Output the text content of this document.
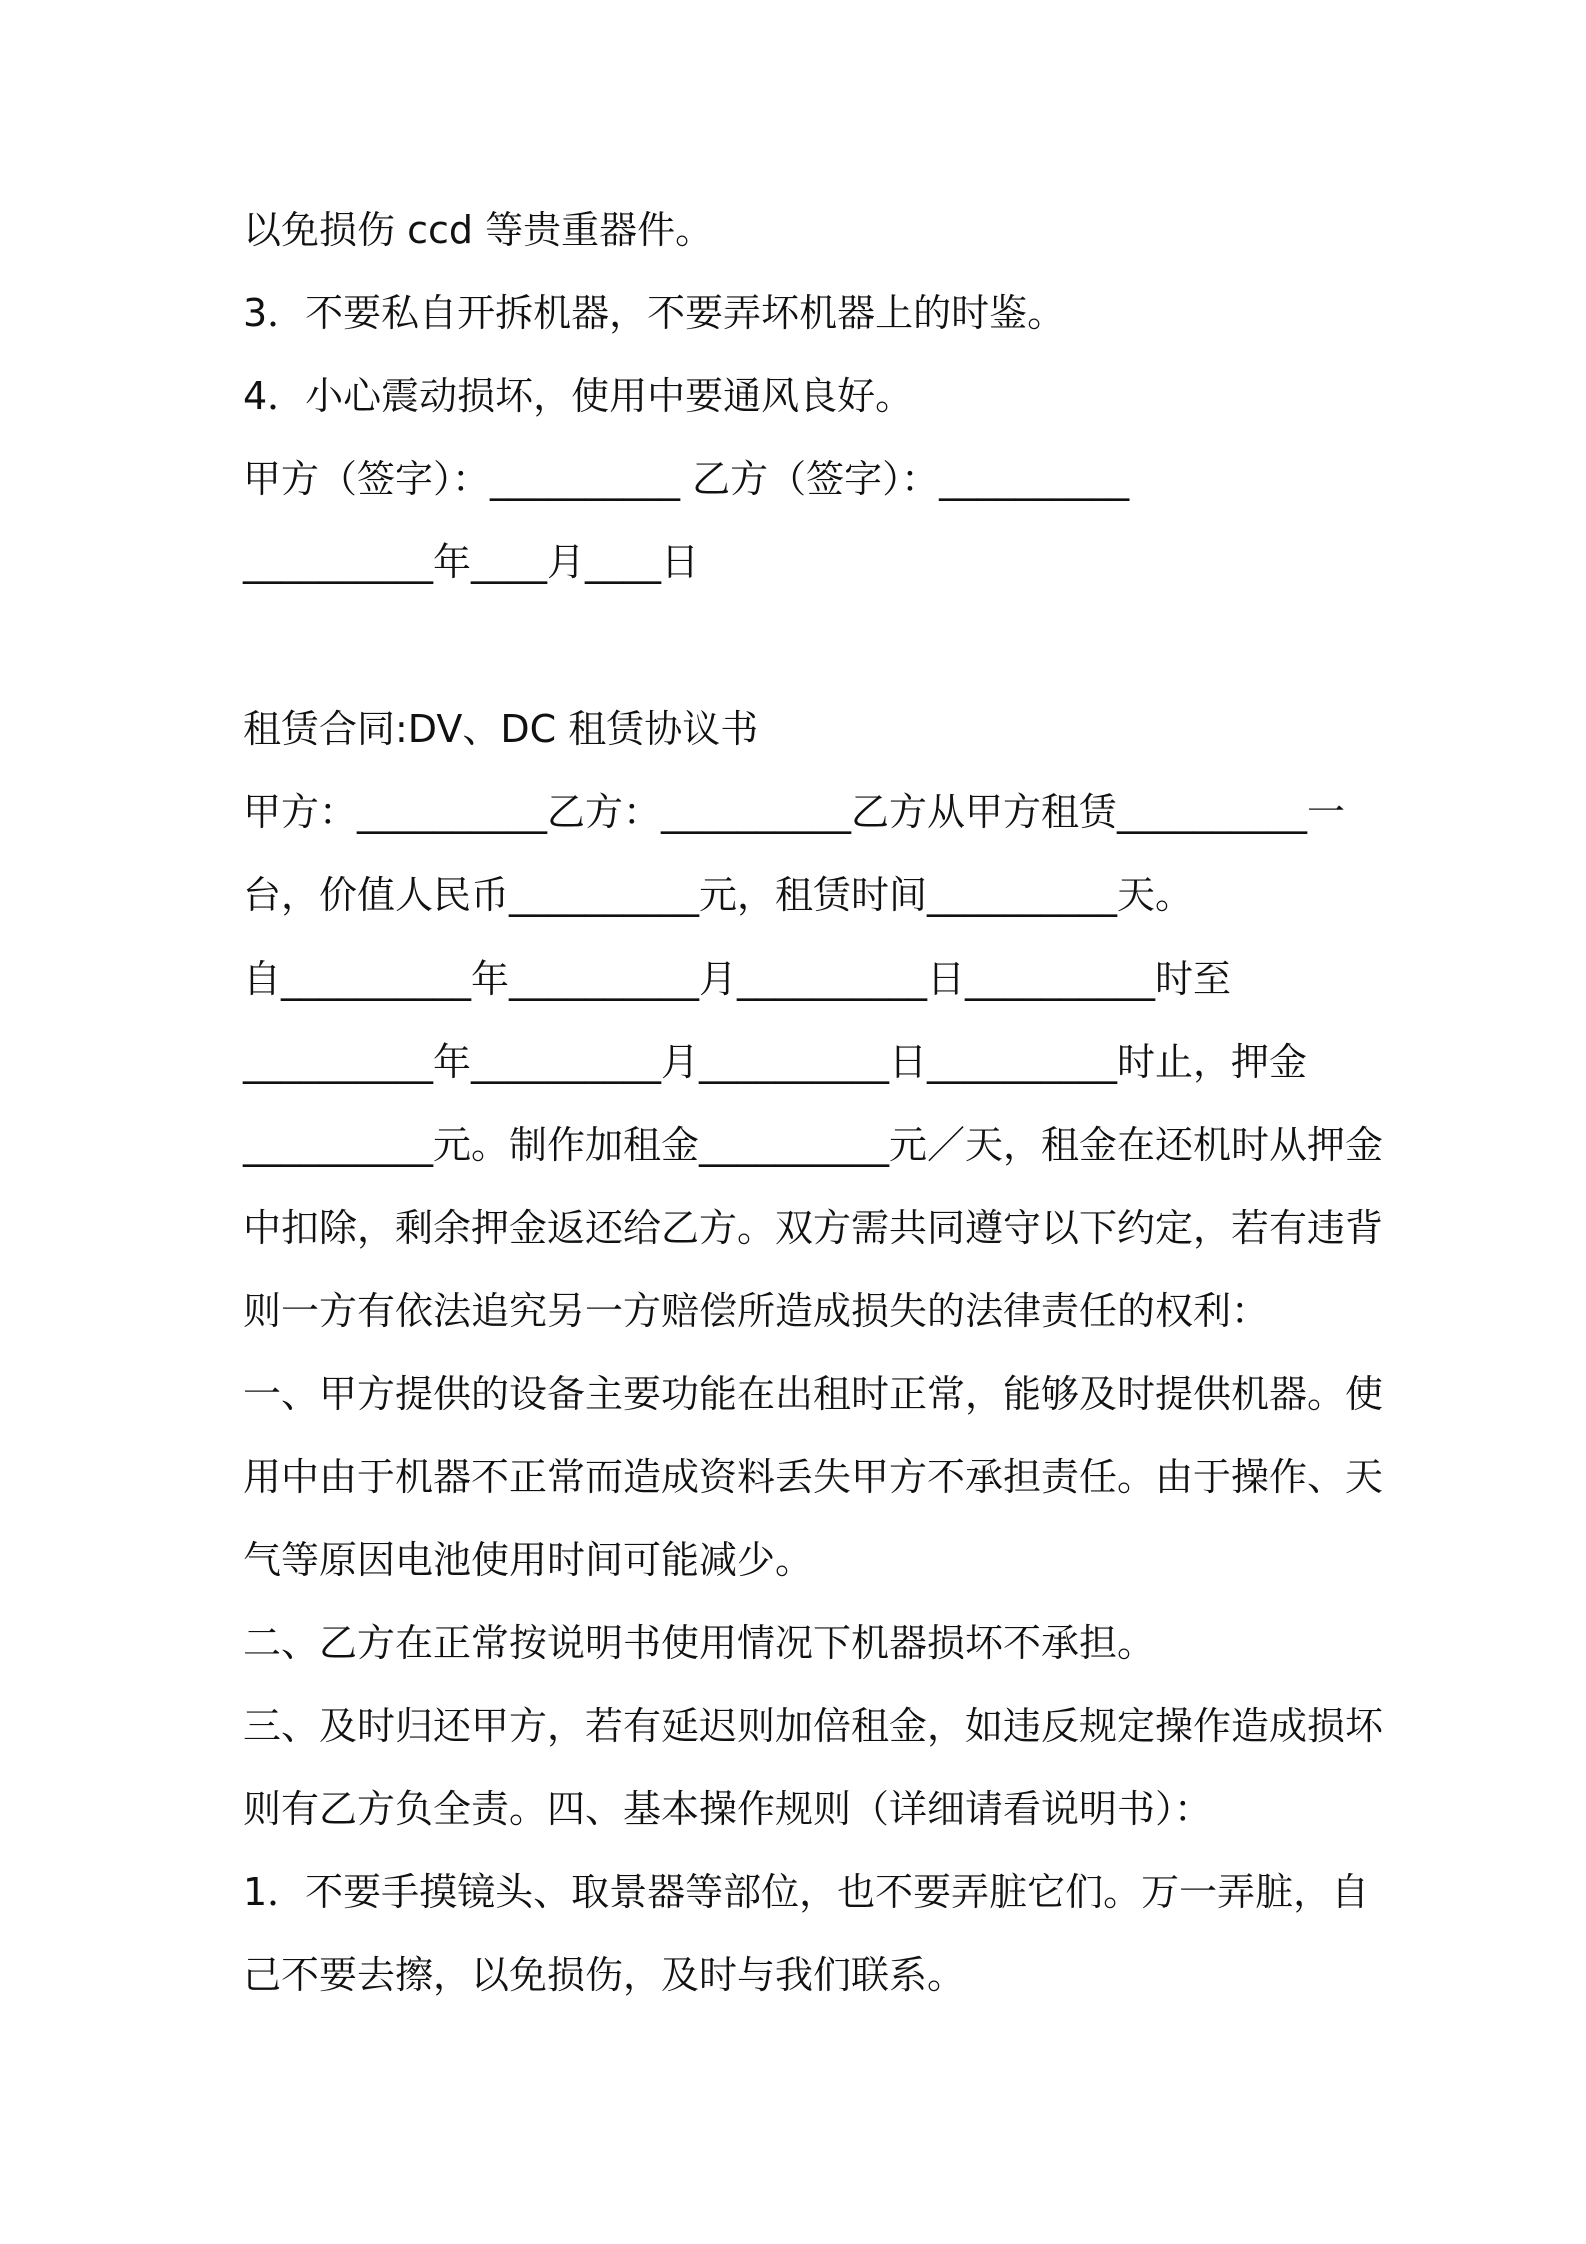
以免损伤 ccd 等贵重器件。
3．不要私自开拆机器，不要弄坏机器上的时鉴。
4．小心震动损坏，使用中要通风良好。
甲方（签字）：__________ 乙方（签字）：__________
__________年____月____日
租赁合同:DV、DC 租赁协议书
甲方：__________乙方：__________乙方从甲方租赁__________一
台，价值人民币__________元，租赁时间__________天。
自__________年__________月__________日__________时至
__________年__________月__________日__________时止，押金
__________元。制作加租金__________元／天，租金在还机时从押金
中扣除，剩余押金返还给乙方。双方需共同遵守以下约定，若有违背
则一方有依法追究另一方赔偿所造成损失的法律责任的权利：
一、甲方提供的设备主要功能在出租时正常，能够及时提供机器。使
用中由于机器不正常而造成资料丢失甲方不承担责任。由于操作、天
气等原因电池使用时间可能减少。
二、乙方在正常按说明书使用情况下机器损坏不承担。
三、及时归还甲方，若有延迟则加倍租金，如违反规定操作造成损坏
则有乙方负全责。四、基本操作规则（详细请看说明书）：
1．不要手摸镜头、取景器等部位，也不要弄脏它们。万一弄脏，自
己不要去擦，以免损伤，及时与我们联系。
